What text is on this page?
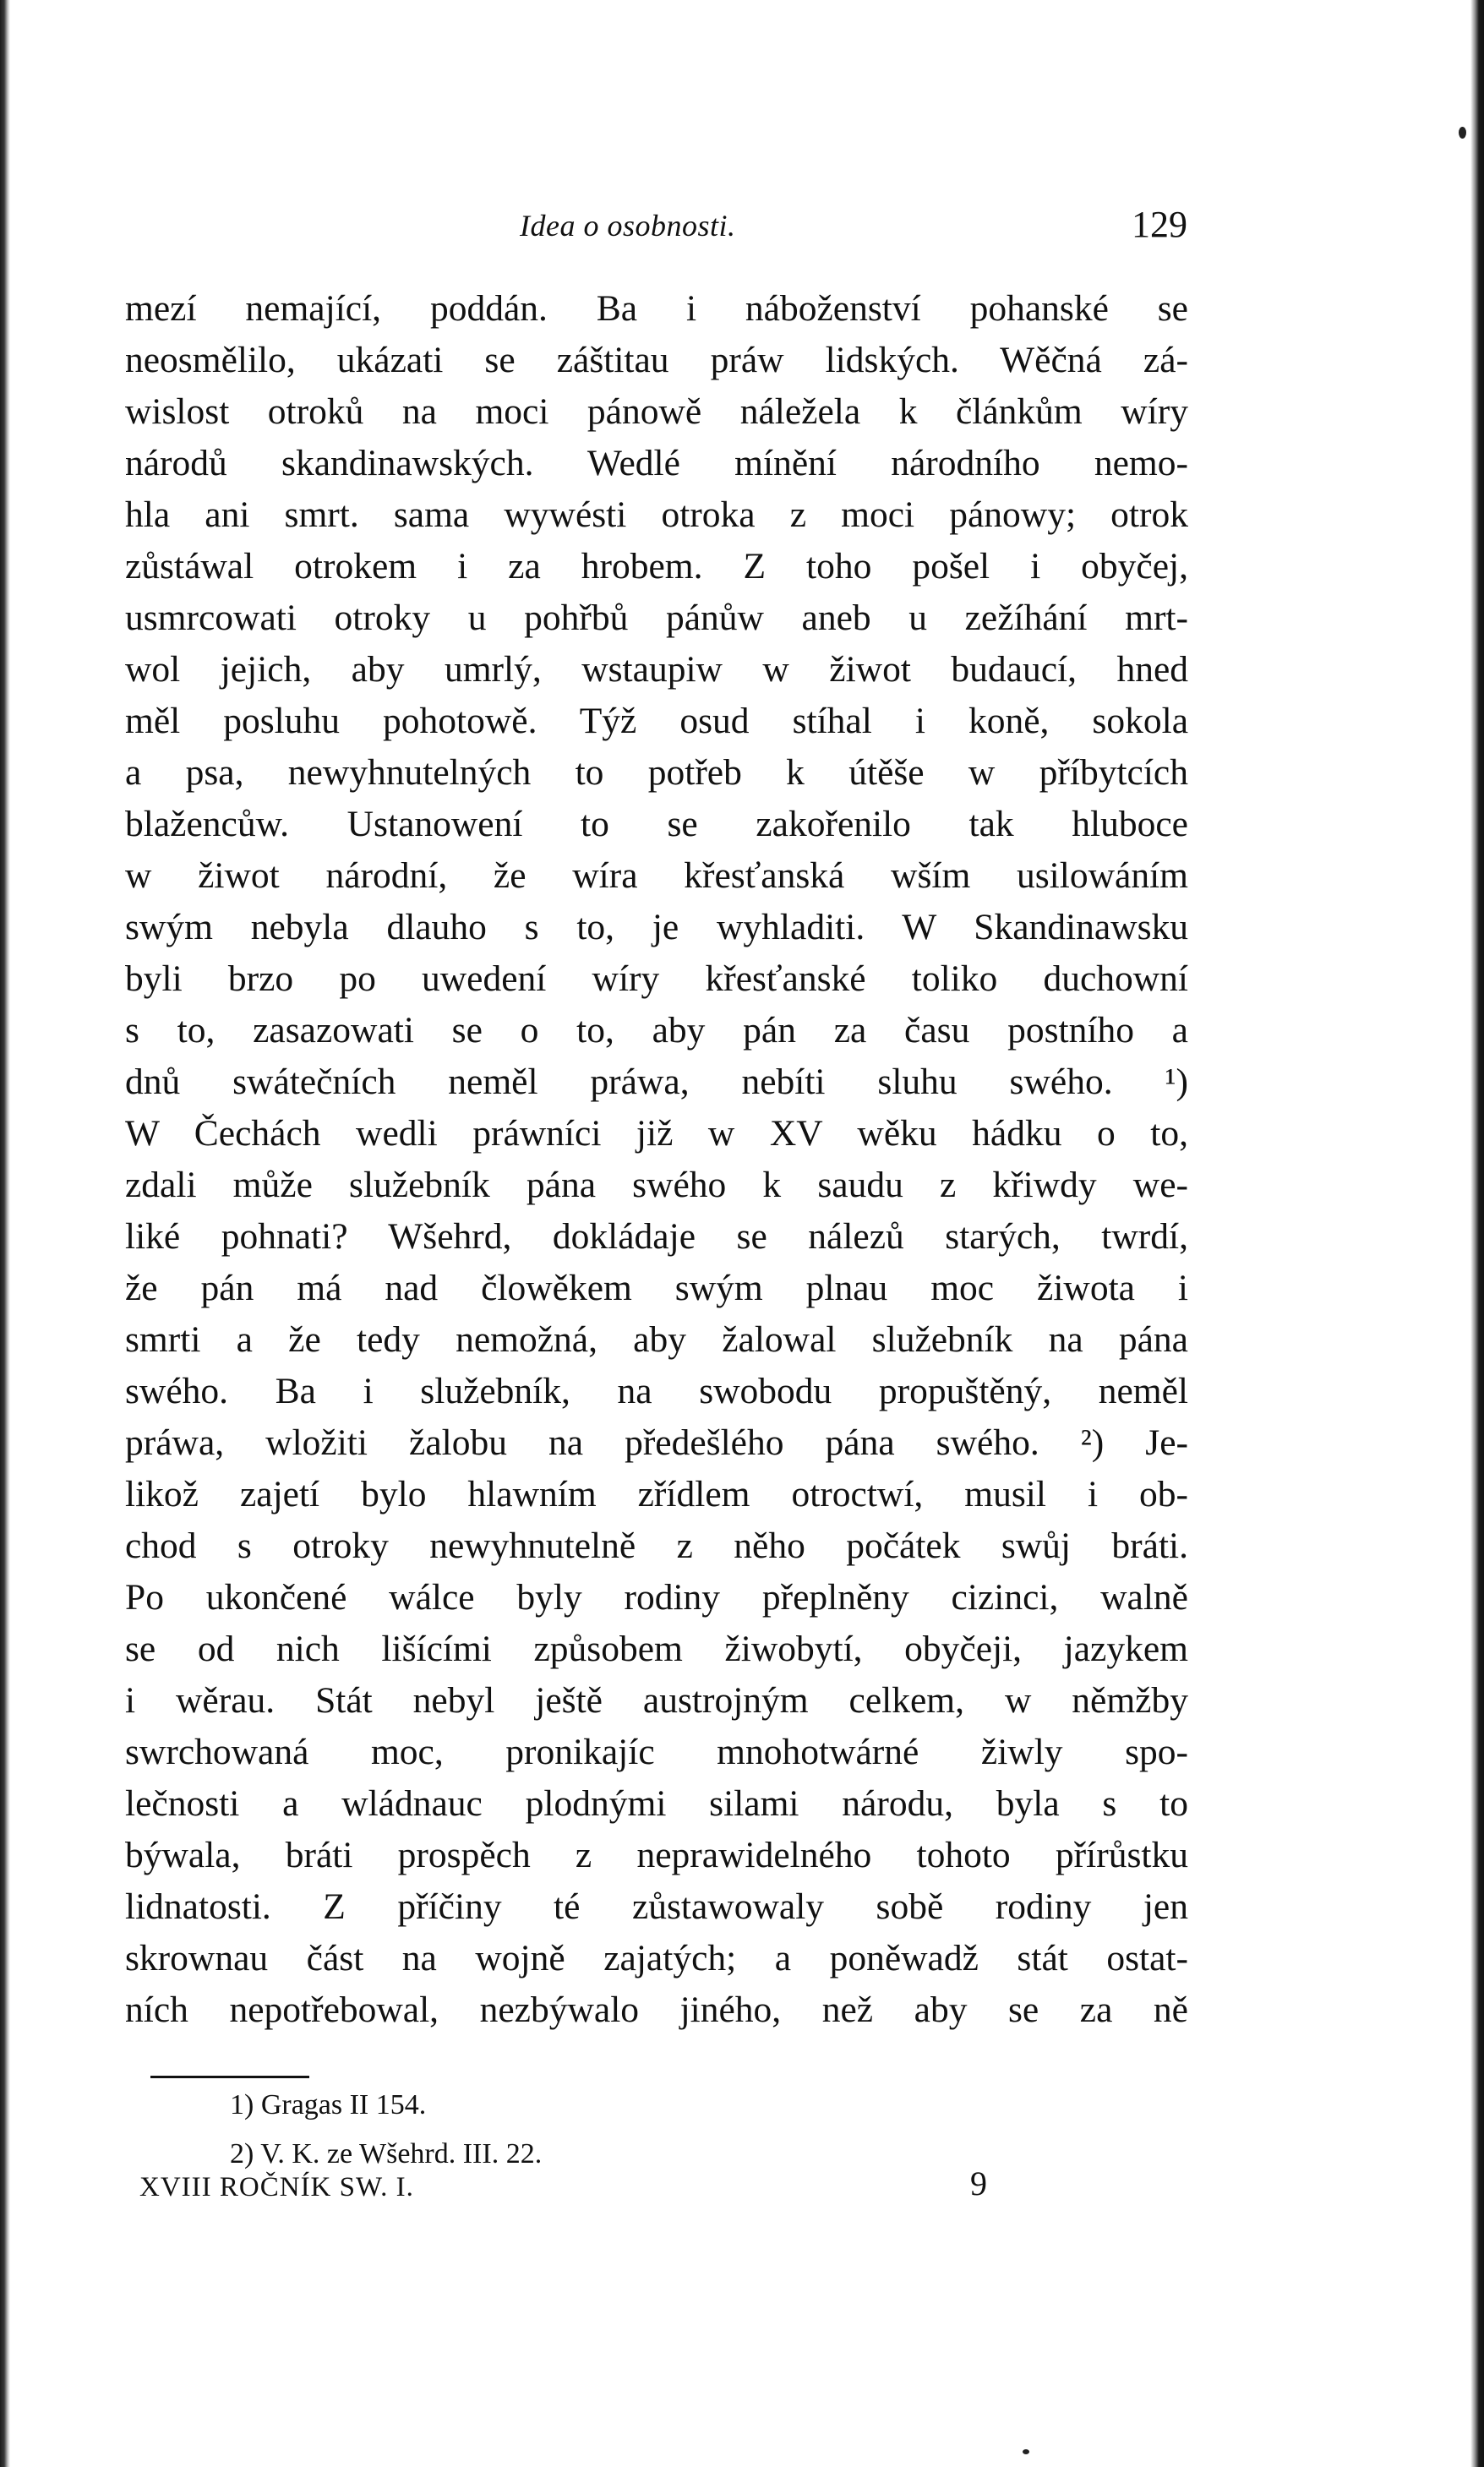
Idea o osobnosti.	129
mezí nemající, poddán. Ba i náboženství pohanské se
neosmělilo, ukázati se záštitau práw lidských. Wěčná zá-
wislost otroků na moci pánowě náležela k článkům wíry
národů skandinawských. Wedlé mínění národního nemo-
hla ani smrt. sama wywésti otroka z moci pánowy; otrok
zůstáwal otrokem i za hrobem. Z toho pošel i obyčej,
usmrcowati otroky u pohřbů pánůw aneb u zežíhání mrt-
wol jejich, aby umrlý, wstaupiw w žiwot budaucí, hned
měl posluhu pohotowě. Týž osud stíhal i koně, sokola
a psa, newyhnutelných to potřeb k útěše w příbytcích
blažencůw. Ustanowení to se zakořenilo tak hluboce
w žiwot národní, že wíra křesťanská wším usilowáním
swým nebyla dlauho s to, je wyhladiti. W Skandinawsku
byli brzo po uwedení wíry křesťanské toliko duchowní
s to, zasazowati se o to, aby pán za času postního a
dnů swátečních neměl práwa, nebíti sluhu swého. ¹)
W Čechách wedli práwníci již w XV wěku hádku o to,
zdali může služebník pána swého k saudu z křiwdy we-
liké pohnati? Wšehrd, dokládaje se nálezů starých, twrdí,
že pán má nad člowěkem swým plnau moc žiwota i
smrti a že tedy nemožná, aby žalowal služebník na pána
swého. Ba i služebník, na swobodu propuštěný, neměl
práwa, wložiti žalobu na předešlého pána swého. ²) Je-
likož zajetí bylo hlawním zřídlem otroctwí, musil i ob-
chod s otroky newyhnutelně z něho počátek swůj bráti.
Po ukončené wálce byly rodiny přeplněny cizinci, walně
se od nich lišícími způsobem žiwobytí, obyčeji, jazykem
i wěrau. Stát nebyl ještě austrojným celkem, w němžby
swrchowaná moc, pronikajíc mnohotwárné žiwly spo-
lečnosti a wládnauc plodnými silami národu, byla s to
býwala, bráti prospěch z neprawidelného tohoto přírůstku
lidnatosti. Z příčiny té zůstawowaly sobě rodiny jen
skrownau část na wojně zajatých; a poněwadž stát ostat-
ních nepotřebowal, nezbýwalo jiného, než aby se za ně
1) Gragas II 154.
2) V. K. ze Wšehrd. III. 22.
XVIII ROČNÍK SW. I.	9
